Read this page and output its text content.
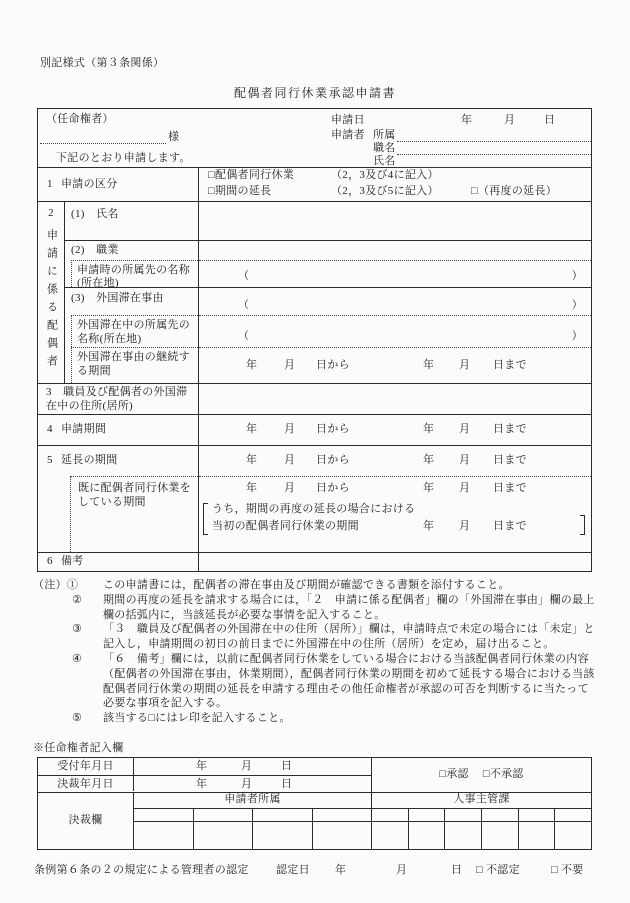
別記様式（第３条関係）
配偶者同行休業承認申請書
（任命権者）
様
下記のとおり申請します。
申請日	年	月	日
申請者 所属
職名
氏名
1 申請の区分
□配偶者同行休業	（2，3及び4に記入）
□期間の延長	（2，3及び5に記入）	□（再度の延長）
2
申請に係る配偶者
(1)　氏名
(2)　職業
申請時の所属先の名称(所在地)
（	）
(3)　外国滞在事由
（	）
外国滞在中の所属先の名称(所在地)	（	）
外国滞在事由の継続する期間
年 月 日から	年 月 日まで
3　職員及び配偶者の外国滞在中の住所(居所)
4 申請期間	年 月 日から	年 月 日まで
5 延長の期間	年 月 日から	年 月 日まで
既に配偶者同行休業をしている期間
年 月 日から	年 月 日まで
うち，期間の再度の延長の場合における
当初の配偶者同行休業の期間	年 月 日まで
6 備考
（注）①	この申請書には，配偶者の滞在事由及び期間が確認できる書類を添付すること。
②	期間の再度の延長を請求する場合には，「２　申請に係る配偶者」欄の「外国滞在事由」欄の最上欄の括弧内に，当該延長が必要な事情を記入すること。
③	「３　職員及び配偶者の外国滞在中の住所（居所）」欄は，申請時点で未定の場合には「未定」と記入し，申請期間の初日の前日までに外国滞在中の住所（居所）を定め，届け出ること。
④	「６　備考」欄には，以前に配偶者同行休業をしている場合における当該配偶者同行休業の内容（配偶者の外国滞在事由，休業期間），配偶者同行休業の期間を初めて延長する場合における当該配偶者同行休業の期間の延長を申請する理由その他任命権者が承認の可否を判断するに当たって必要な事項を記入する。
⑤	該当する□にはレ印を記入すること。
※任命権者記入欄
受付年月日	年	月	日
決裁年月日	年	月	日
□承認 □不承認
決裁欄
申請者所属	人事主管課
条例第６条の２の規定による管理者の認定 認定日 年	月	日 □ 不認定	□ 不要
